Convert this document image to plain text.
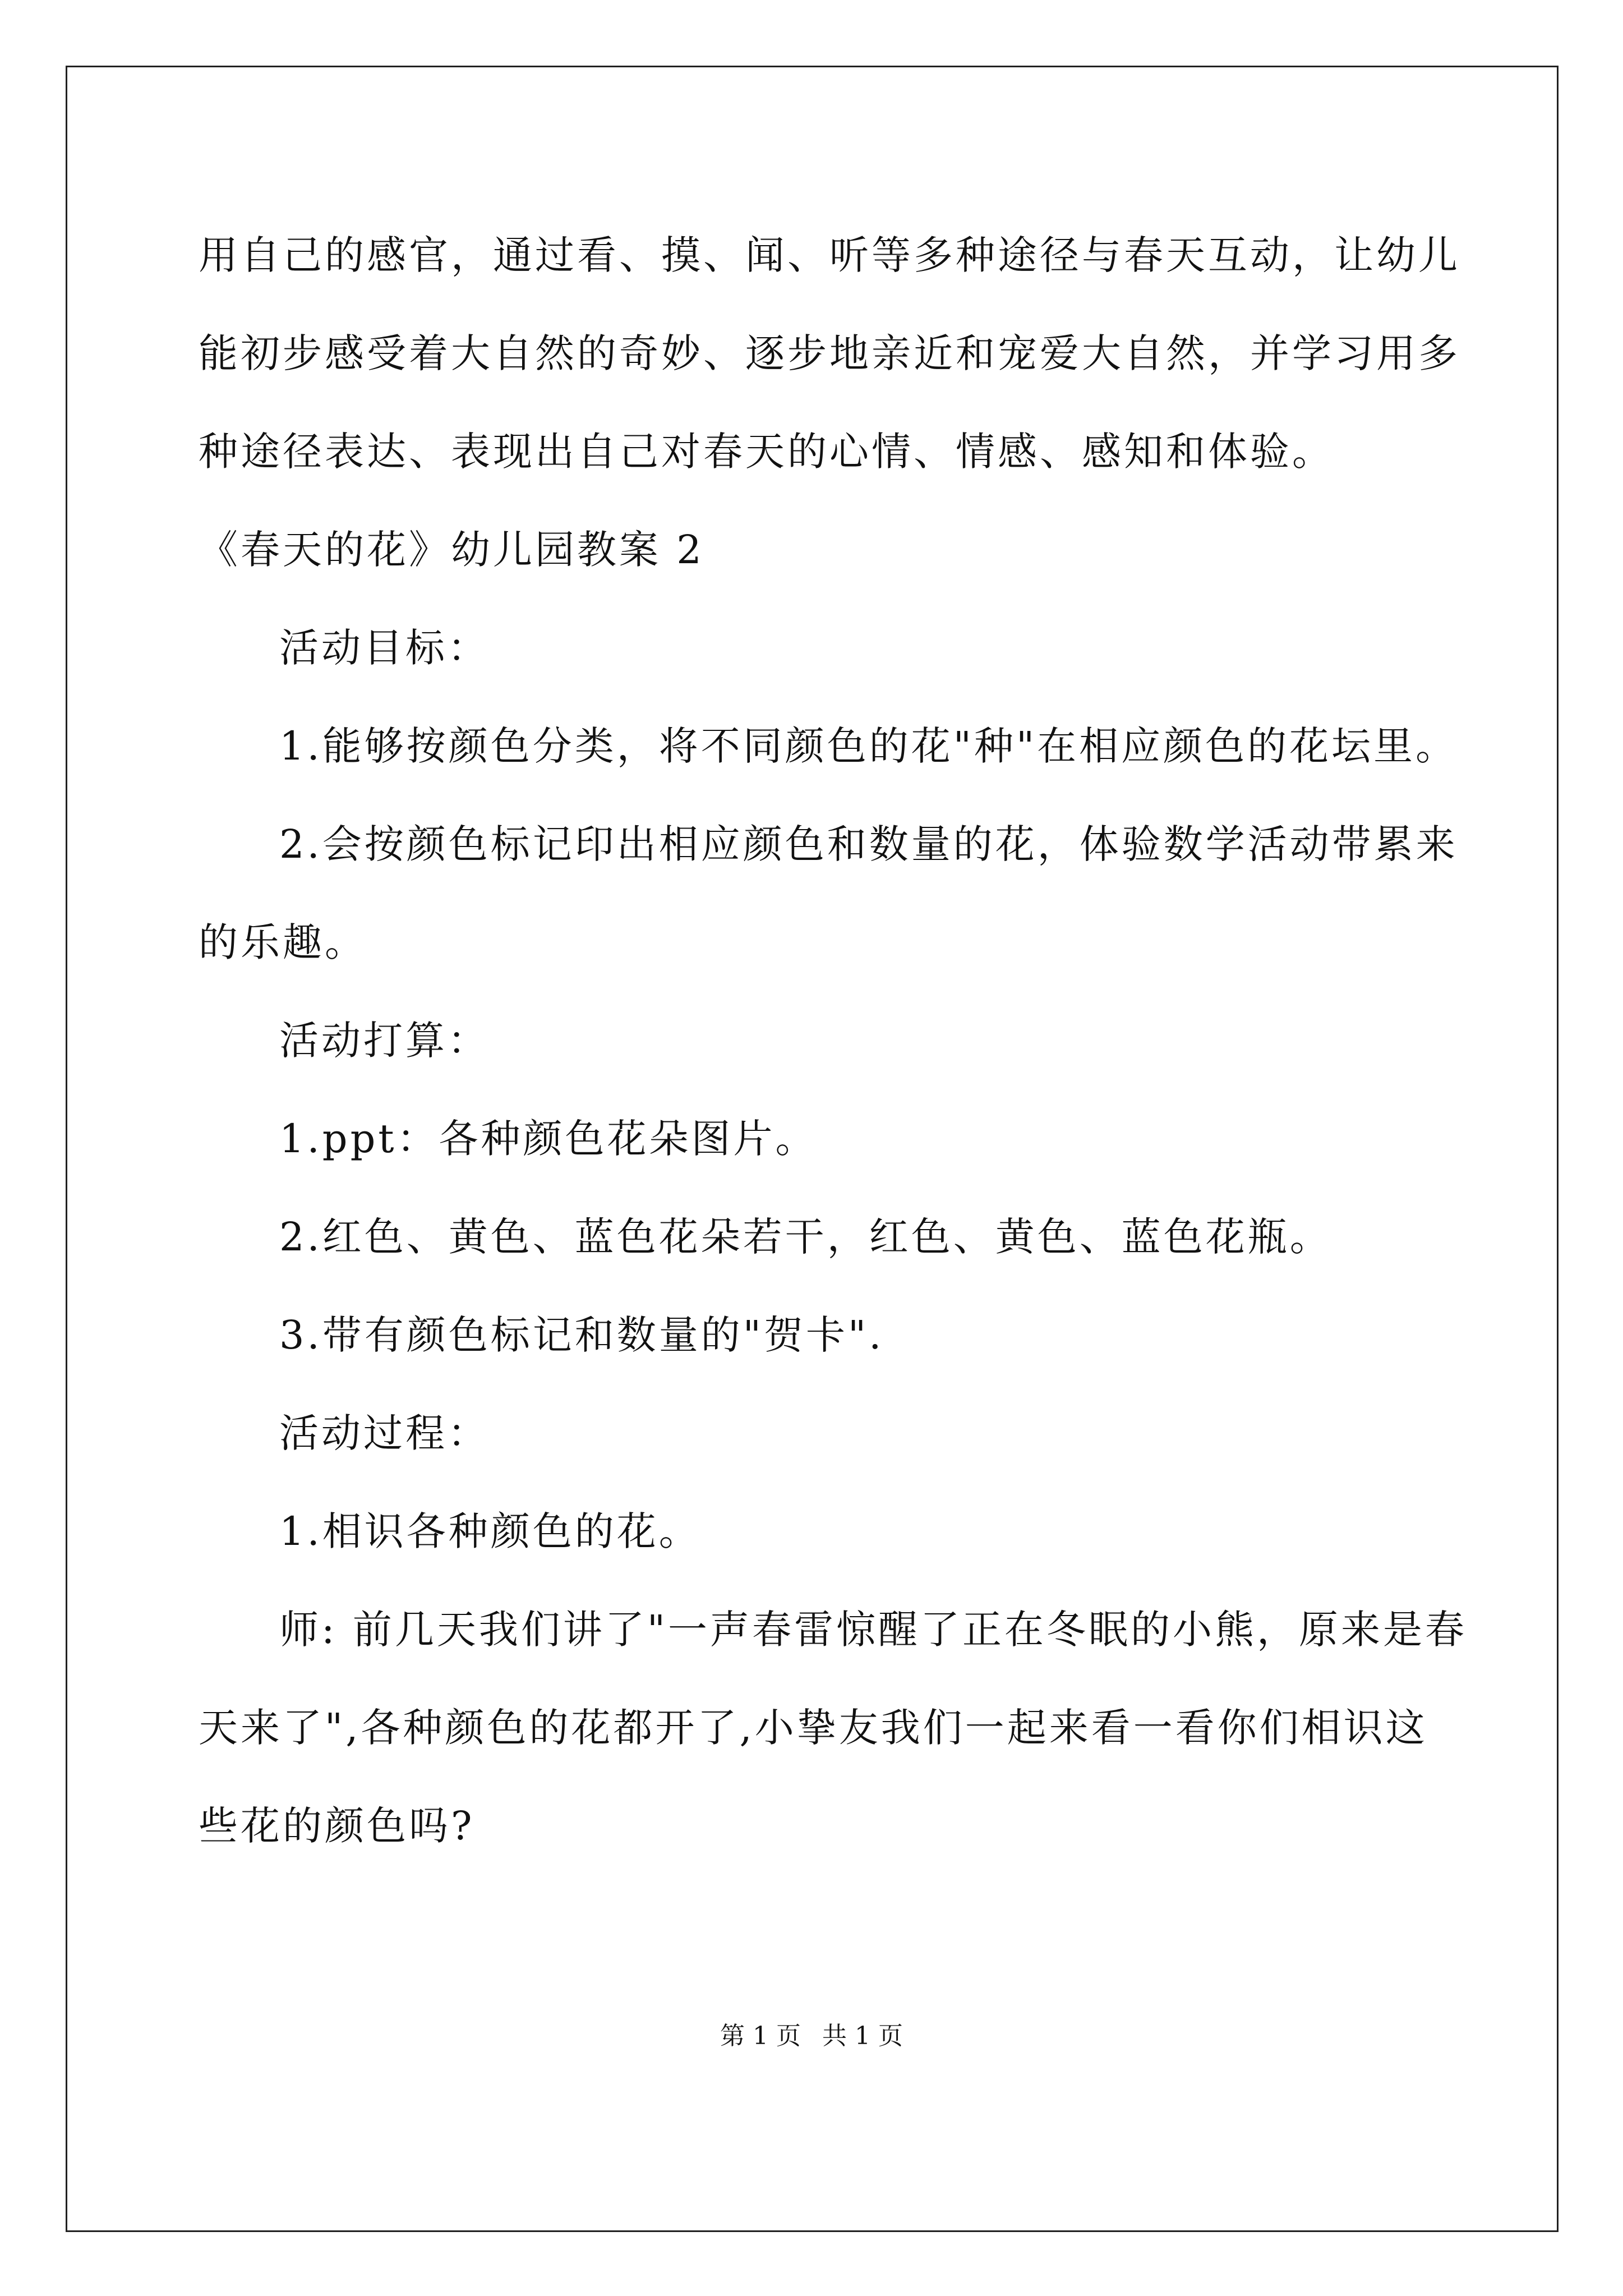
用自己的感官，通过看、摸、闻、听等多种途径与春天互动，让幼儿
能初步感受着大自然的奇妙、逐步地亲近和宠爱大自然，并学习用多
种途径表达、表现出自己对春天的心情、情感、感知和体验。
《春天的花》幼儿园教案 2
活动目标：
1.能够按颜色分类，将不同颜色的花"种"在相应颜色的花坛里。
2.会按颜色标记印出相应颜色和数量的花，体验数学活动带累来
的乐趣。
活动打算：
1.ppt：各种颜色花朵图片。
2.红色、黄色、蓝色花朵若干，红色、黄色、蓝色花瓶。
3.带有颜色标记和数量的"贺卡".
活动过程：
1.相识各种颜色的花。
师: 前几天我们讲了"一声春雷惊醒了正在冬眠的小熊，原来是春
天来了",各种颜色的花都开了,小挚友我们一起来看一看你们相识这
些花的颜色吗?
第 1 页 共 1 页
